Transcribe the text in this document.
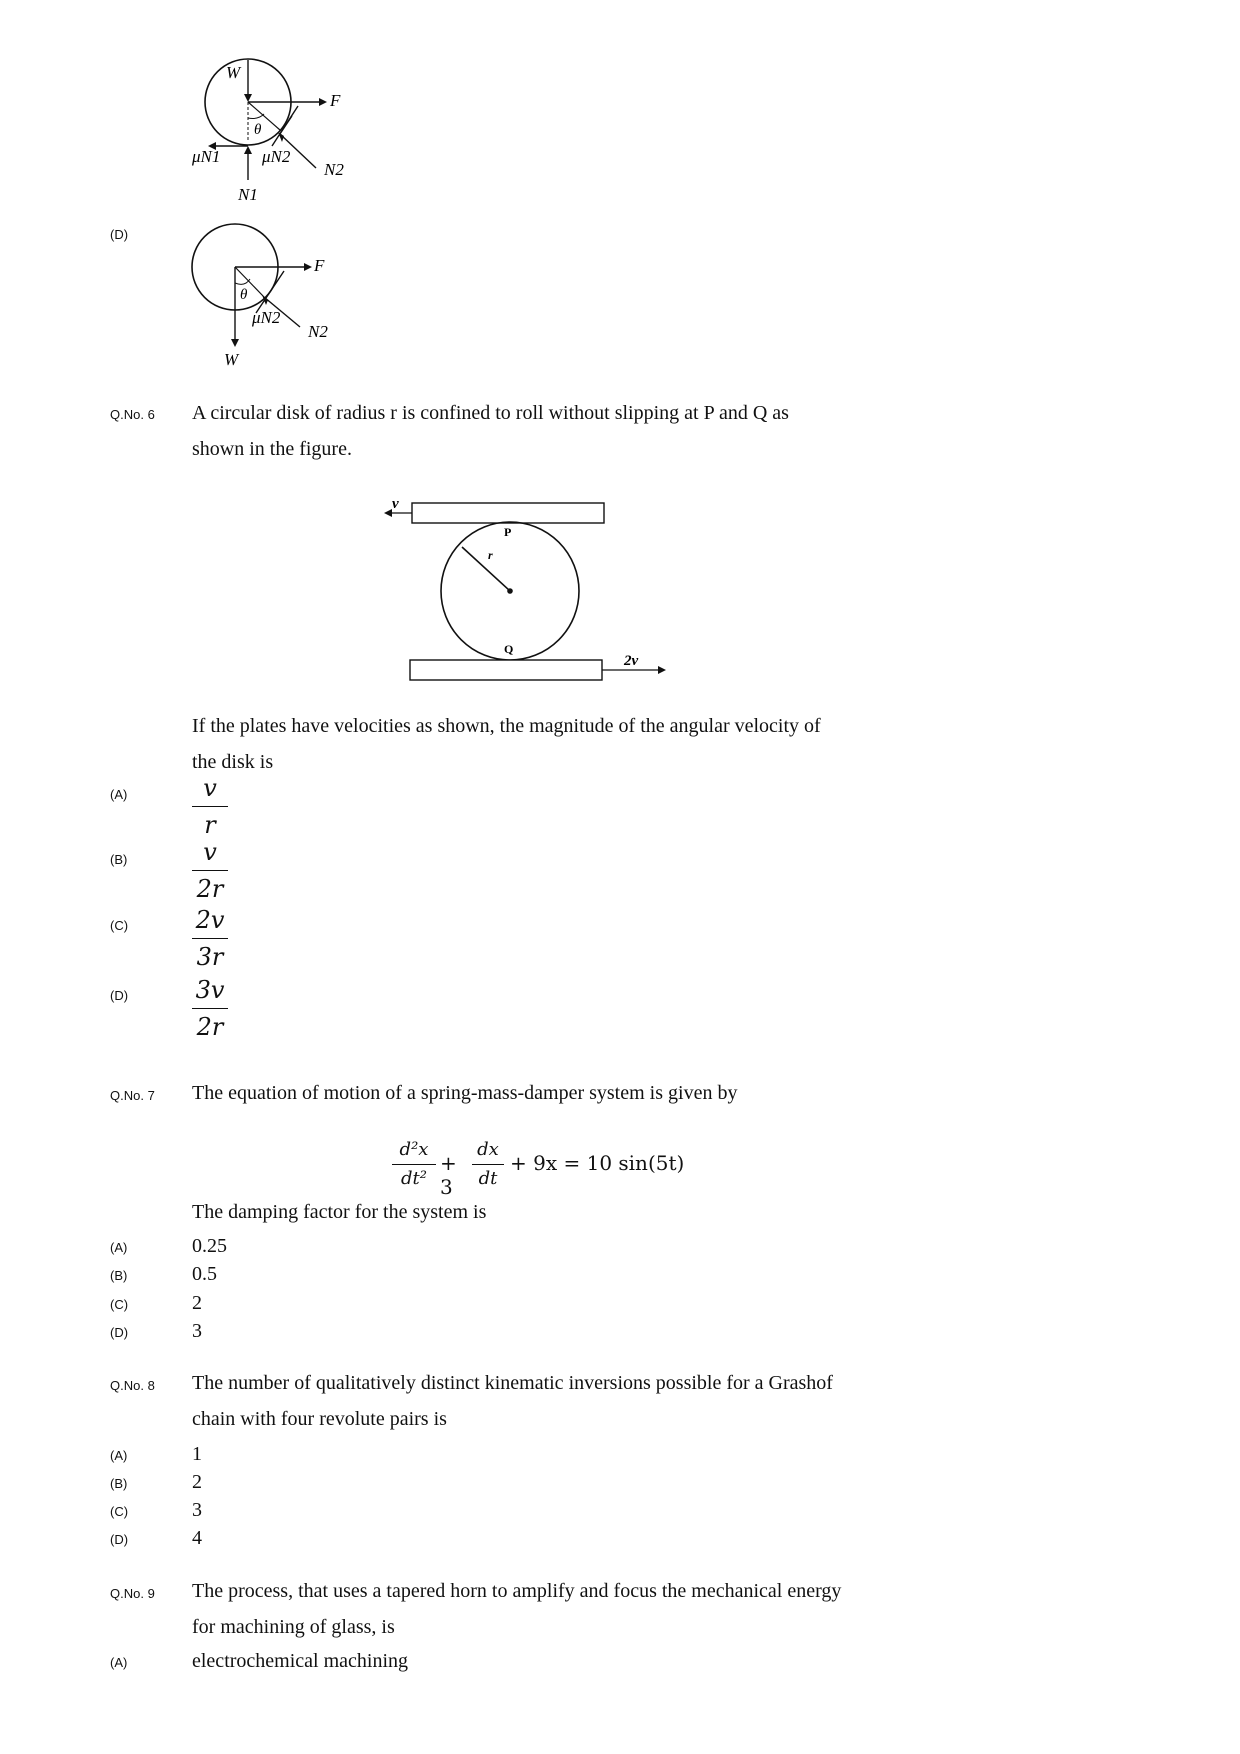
W
F
θ
μN1 μN2
N2
N1
(D)
F
θ
μN2
N2
W
Q.No. 6 A circular disk of radius r is confined to roll without slipping at P and Q as
shown in the figure.
v
P
r
Q
2v
If the plates have velocities as shown, the magnitude of the angular velocity of
the disk is
(A)	v
r
(B)	v
2r
(C)	2v
3r
(D)	3v
2r
Q.No. 7 The equation of motion of a spring-mass-damper system is given by
d²x
dt²
+ 3
dx
dt
+ 9x = 10 sin(5t)
The damping factor for the system is
(A)	0.25
(B)	0.5
(C)	2
(D)	3
Q.No. 8 The number of qualitatively distinct kinematic inversions possible for a Grashof
chain with four revolute pairs is
(A)	1
(B)	2
(C)	3
(D)	4
Q.No. 9 The process, that uses a tapered horn to amplify and focus the mechanical energy
for machining of glass, is
(A)	electrochemical machining
